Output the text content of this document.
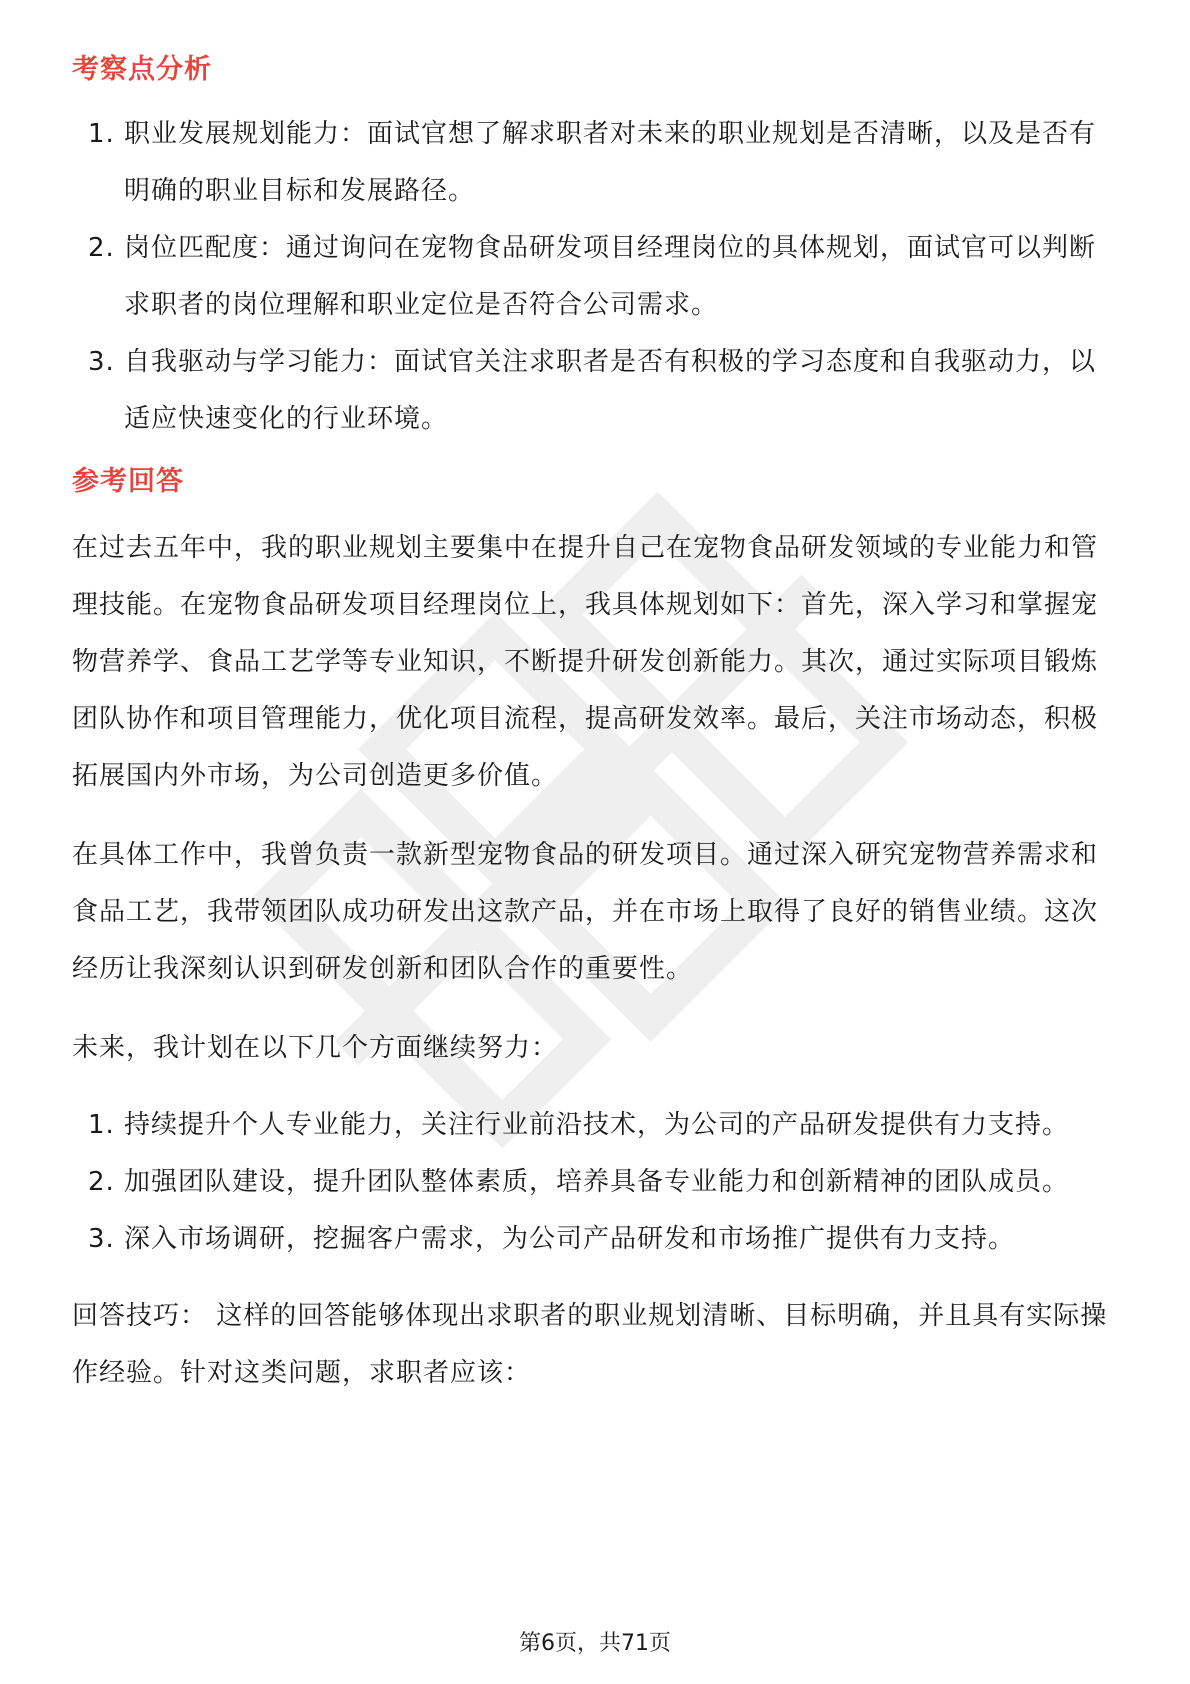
考察点分析
1. 职业发展规划能力：面试官想了解求职者对未来的职业规划是否清晰，以及是否有明确的职业目标和发展路径。
2. 岗位匹配度：通过询问在宠物食品研发项目经理岗位的具体规划，面试官可以判断求职者的岗位理解和职业定位是否符合公司需求。
3. 自我驱动与学习能力：面试官关注求职者是否有积极的学习态度和自我驱动力，以适应快速变化的行业环境。
参考回答

在过去五年中，我的职业规划主要集中在提升自己在宠物食品研发领域的专业能力和管理技能。在宠物食品研发项目经理岗位上，我具体规划如下：首先，深入学习和掌握宠物营养学、食品工艺学等专业知识，不断提升研发创新能力。其次，通过实际项目锻炼团队协作和项目管理能力，优化项目流程，提高研发效率。最后，关注市场动态，积极拓展国内外市场，为公司创造更多价值。

在具体工作中，我曾负责一款新型宠物食品的研发项目。通过深入研究宠物营养需求和食品工艺，我带领团队成功研发出这款产品，并在市场上取得了良好的销售业绩。这次经历让我深刻认识到研发创新和团队合作的重要性。

未来，我计划在以下几个方面继续努力：

1. 持续提升个人专业能力，关注行业前沿技术，为公司的产品研发提供有力支持。
2. 加强团队建设，提升团队整体素质，培养具备专业能力和创新精神的团队成员。
3. 深入市场调研，挖掘客户需求，为公司产品研发和市场推广提供有力支持。

回答技巧： 这样的回答能够体现出求职者的职业规划清晰、目标明确，并且具有实际操作经验。针对这类问题，求职者应该：

第6页，共71页
